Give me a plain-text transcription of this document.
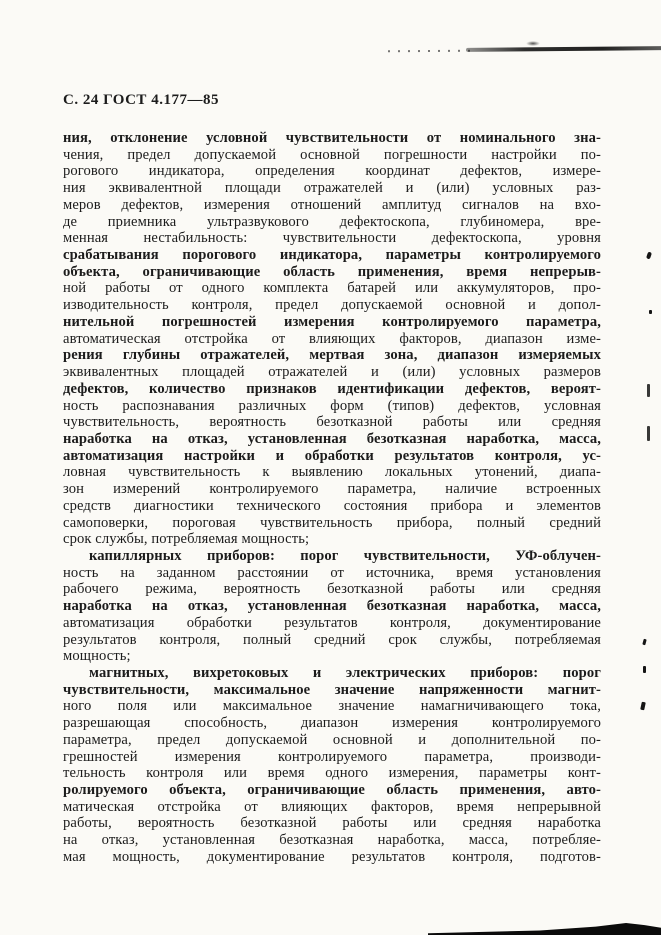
С. 24 ГОСТ 4.177—85
ния, отклонение условной чувствительности от номинального зна-
чения, предел допускаемой основной погрешности настройки по-
рогового индикатора, определения координат дефектов, измере-
ния эквивалентной площади отражателей и (или) условных раз-
меров дефектов, измерения отношений амплитуд сигналов на вхо-
де приемника ультразвукового дефектоскопа, глубиномера, вре-
менная нестабильность: чувствительности дефектоскопа, уровня
срабатывания порогового индикатора, параметры контролируемого
объекта, ограничивающие область применения, время непрерыв-
ной работы от одного комплекта батарей или аккумуляторов, про-
изводительность контроля, предел допускаемой основной и допол-
нительной погрешностей измерения контролируемого параметра,
автоматическая отстройка от влияющих факторов, диапазон изме-
рения глубины отражателей, мертвая зона, диапазон измеряемых
эквивалентных площадей отражателей и (или) условных размеров
дефектов, количество признаков идентификации дефектов, вероят-
ность распознавания различных форм (типов) дефектов, условная
чувствительность, вероятность безотказной работы или средняя
наработка на отказ, установленная безотказная наработка, масса,
автоматизация настройки и обработки результатов контроля, ус-
ловная чувствительность к выявлению локальных утонений, диапа-
зон измерений контролируемого параметра, наличие встроенных
средств диагностики технического состояния прибора и элементов
самоповерки, пороговая чувствительность прибора, полный средний
срок службы, потребляемая мощность;
капиллярных приборов: порог чувствительности, УФ-облучен-
ность на заданном расстоянии от источника, время установления
рабочего режима, вероятность безотказной работы или средняя
наработка на отказ, установленная безотказная наработка, масса,
автоматизация обработки результатов контроля, документирование
результатов контроля, полный средний срок службы, потребляемая
мощность;
магнитных, вихретоковых и электрических приборов: порог
чувствительности, максимальное значение напряженности магнит-
ного поля или максимальное значение намагничивающего тока,
разрешающая способность, диапазон измерения контролируемого
параметра, предел допускаемой основной и дополнительной по-
грешностей измерения контролируемого параметра, производи-
тельность контроля или время одного измерения, параметры конт-
ролируемого объекта, ограничивающие область применения, авто-
матическая отстройка от влияющих факторов, время непрерывной
работы, вероятность безотказной работы или средняя наработка
на отказ, установленная безотказная наработка, масса, потребляе-
мая мощность, документирование результатов контроля, подготов-
